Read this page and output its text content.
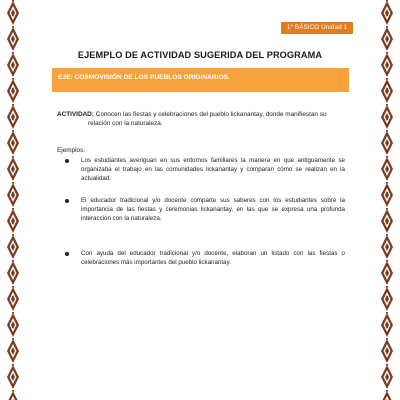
1° BÁSICO Unidad 1
EJEMPLO DE ACTIVIDAD SUGERIDA DEL PROGRAMA
EJE: COSMOVISIÓN DE LOS PUEBLOS ORIGINARIOS.
ACTIVIDAD: Conocen las fiestas y celebraciones del pueblo lickanantay, donde manifiestan su
relación con la naturaleza.
Ejemplos:
Los estudiantes averiguan en sus entornos familiares la manera en que antiguamente se organizaba el trabajo en las comunidades lickanantay y comparan cómo se realizan en la actualidad.
El educador tradicional y/o docente comparte sus saberes con los estudiantes sobre la importancia de las fiestas y ceremonias lickanantay, en las que se expresa una profunda interacción con la naturaleza.
Con ayuda del educador tradicional y/o docente, elaboran un listado con las fiestas o celebraciones más importantes del pueblo lickanantay.
